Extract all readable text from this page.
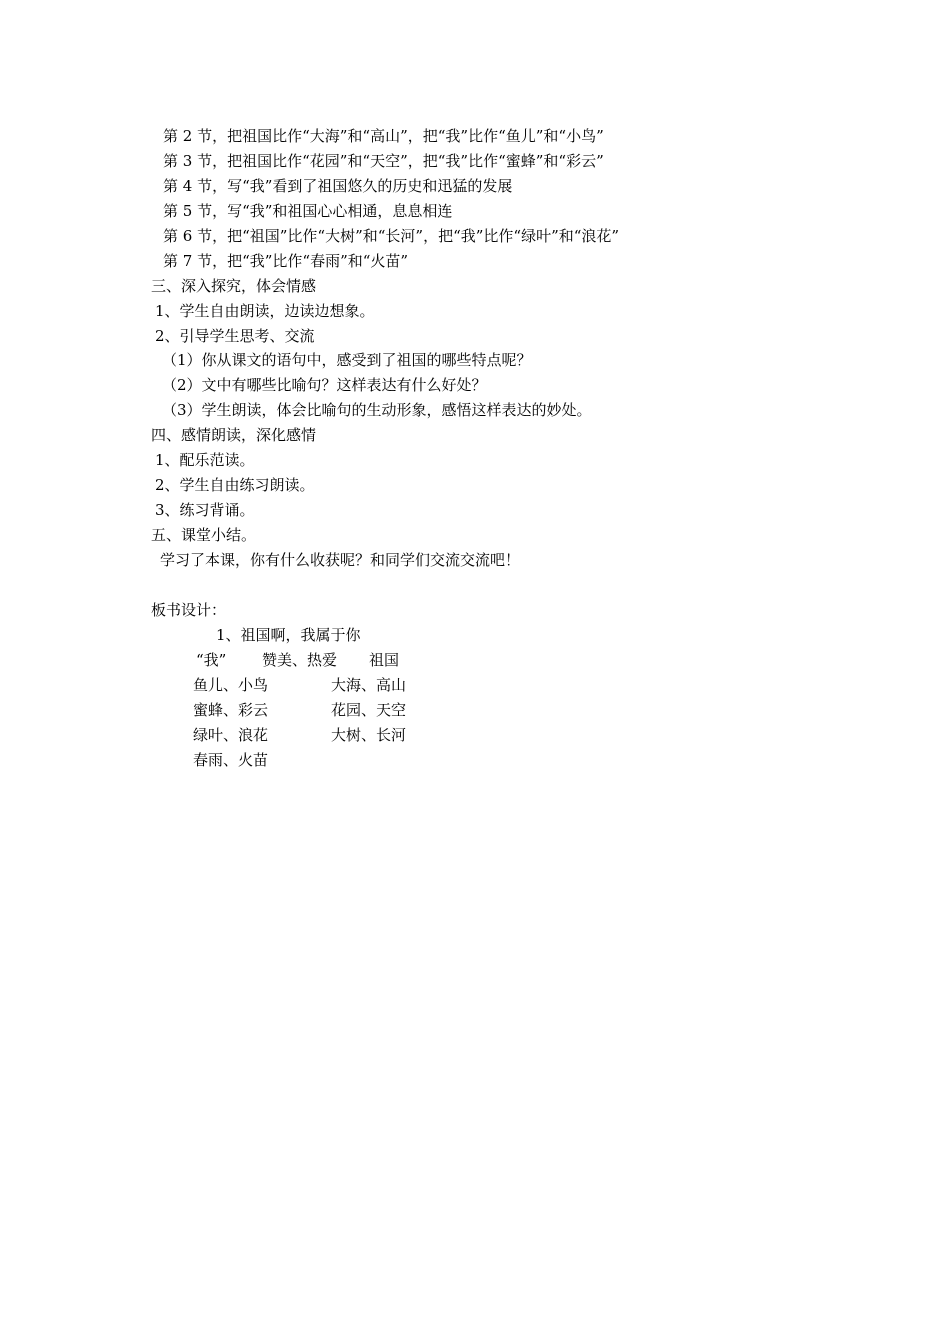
第 2 节，把祖国比作“大海”和“高山”，把“我”比作“鱼儿”和“小鸟”
第 3 节，把祖国比作“花园”和“天空”，把“我”比作“蜜蜂”和“彩云”
第 4 节，写“我”看到了祖国悠久的历史和迅猛的发展
第 5 节，写“我”和祖国心心相通，息息相连
第 6 节，把“祖国”比作“大树”和“长河”，把“我”比作“绿叶”和“浪花”
第 7 节，把“我”比作“春雨”和“火苗”
三、深入探究，体会情感
1、学生自由朗读，边读边想象。
2、引导学生思考、交流
（1）你从课文的语句中，感受到了祖国的哪些特点呢？
（2）文中有哪些比喻句？这样表达有什么好处？
（3）学生朗读，体会比喻句的生动形象，感悟这样表达的妙处。
四、感情朗读，深化感情
1、配乐范读。
2、学生自由练习朗读。
3、练习背诵。
五、课堂小结。
学习了本课，你有什么收获呢？和同学们交流交流吧！
板书设计：
1、祖国啊，我属于你
“我” 赞美、热爱 祖国
鱼儿、小鸟	大海、高山
蜜蜂、彩云	花园、天空
绿叶、浪花	大树、长河
春雨、火苗
